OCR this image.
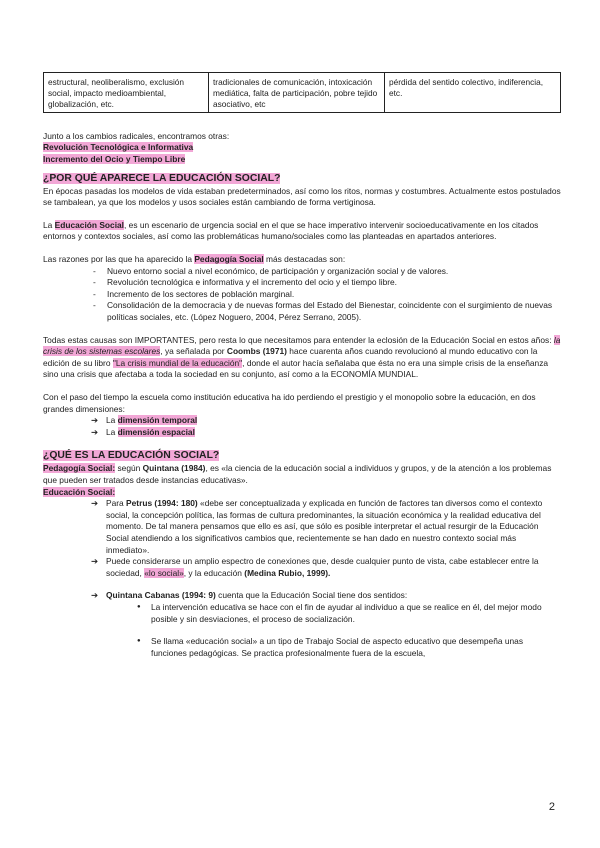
estructural, neoliberalismo, exclusión social, impacto medioambiental, globalización, etc.	tradicionales de comunicación, intoxicación mediática, falta de participación, pobre tejido asociativo, etc	pérdida del sentido colectivo, indiferencia, etc.

Junto a los cambios radicales, encontramos otras:

Revolución Tecnológica e Informativa

Incremento del Ocio y Tiempo Libre

¿POR QUÉ APARECE LA EDUCACIÓN SOCIAL?

En épocas pasadas los modelos de vida estaban predeterminados, así como los ritos, normas y costumbres. Actualmente estos postulados se tambalean, ya que los modelos y usos sociales están cambiando de forma vertiginosa.

La Educación Social, es un escenario de urgencia social en el que se hace imperativo intervenir socioeducativamente en los citados entornos y contextos sociales, así como las problemáticas humano/sociales como las planteadas en apartados anteriores.

Las razones por las que ha aparecido la Pedagogía Social más destacadas son:

- Nuevo entorno social a nivel económico, de participación y organización social y de valores.
- Revolución tecnológica e informativa y el incremento del ocio y el tiempo libre.
- Incremento de los sectores de población marginal.
- Consolidación de la democracia y de nuevas formas del Estado del Bienestar, coincidente con el surgimiento de nuevas políticas sociales, etc. (López Noguero, 2004, Pérez Serrano, 2005).

Todas estas causas son IMPORTANTES, pero resta lo que necesitamos para entender la eclosión de la Educación Social en estos años: la crisis de los sistemas escolares, ya señalada por Coombs (1971) hace cuarenta años cuando revolucionó al mundo educativo con la edición de su libro "La crisis mundial de la educación", donde el autor hacía señalaba que ésta no era una simple crisis de la enseñanza sino una crisis que afectaba a toda la sociedad en su conjunto, así como a la ECONOMÍA MUNDIAL.

Con el paso del tiempo la escuela como institución educativa ha ido perdiendo el prestigio y el monopolio sobre la educación, en dos grandes dimensiones:

➔ La dimensión temporal
➔ La dimensión espacial
¿QUÉ ES LA EDUCACIÓN SOCIAL?

Pedagogía Social: según Quintana (1984), es «la ciencia de la educación social a individuos y grupos, y de la atención a los problemas que pueden ser tratados desde instancias educativas».

Educación Social:

➔ Para Petrus (1994: 180) «debe ser conceptualizada y explicada en función de factores tan diversos como el contexto social, la concepción política, las formas de cultura predominantes, la situación económica y la realidad educativa del momento. De tal manera pensamos que ello es así, que sólo es posible interpretar el actual resurgir de la Educación Social atendiendo a los significativos cambios que, recientemente se han dado en nuestro contexto social más inmediato».
➔ Puede considerarse un amplio espectro de conexiones que, desde cualquier punto de vista, cabe establecer entre la sociedad, «lo social», y la educación (Medina Rubio, 1999).
➔ Quintana Cabanas (1994: 9) cuenta que la Educación Social tiene dos sentidos:
● La intervención educativa se hace con el fin de ayudar al individuo a que se realice en él, del mejor modo posible y sin desviaciones, el proceso de socialización.
● Se llama «educación social» a un tipo de Trabajo Social de aspecto educativo que desempeña unas funciones pedagógicas. Se practica profesionalmente fuera de la escuela,
2
